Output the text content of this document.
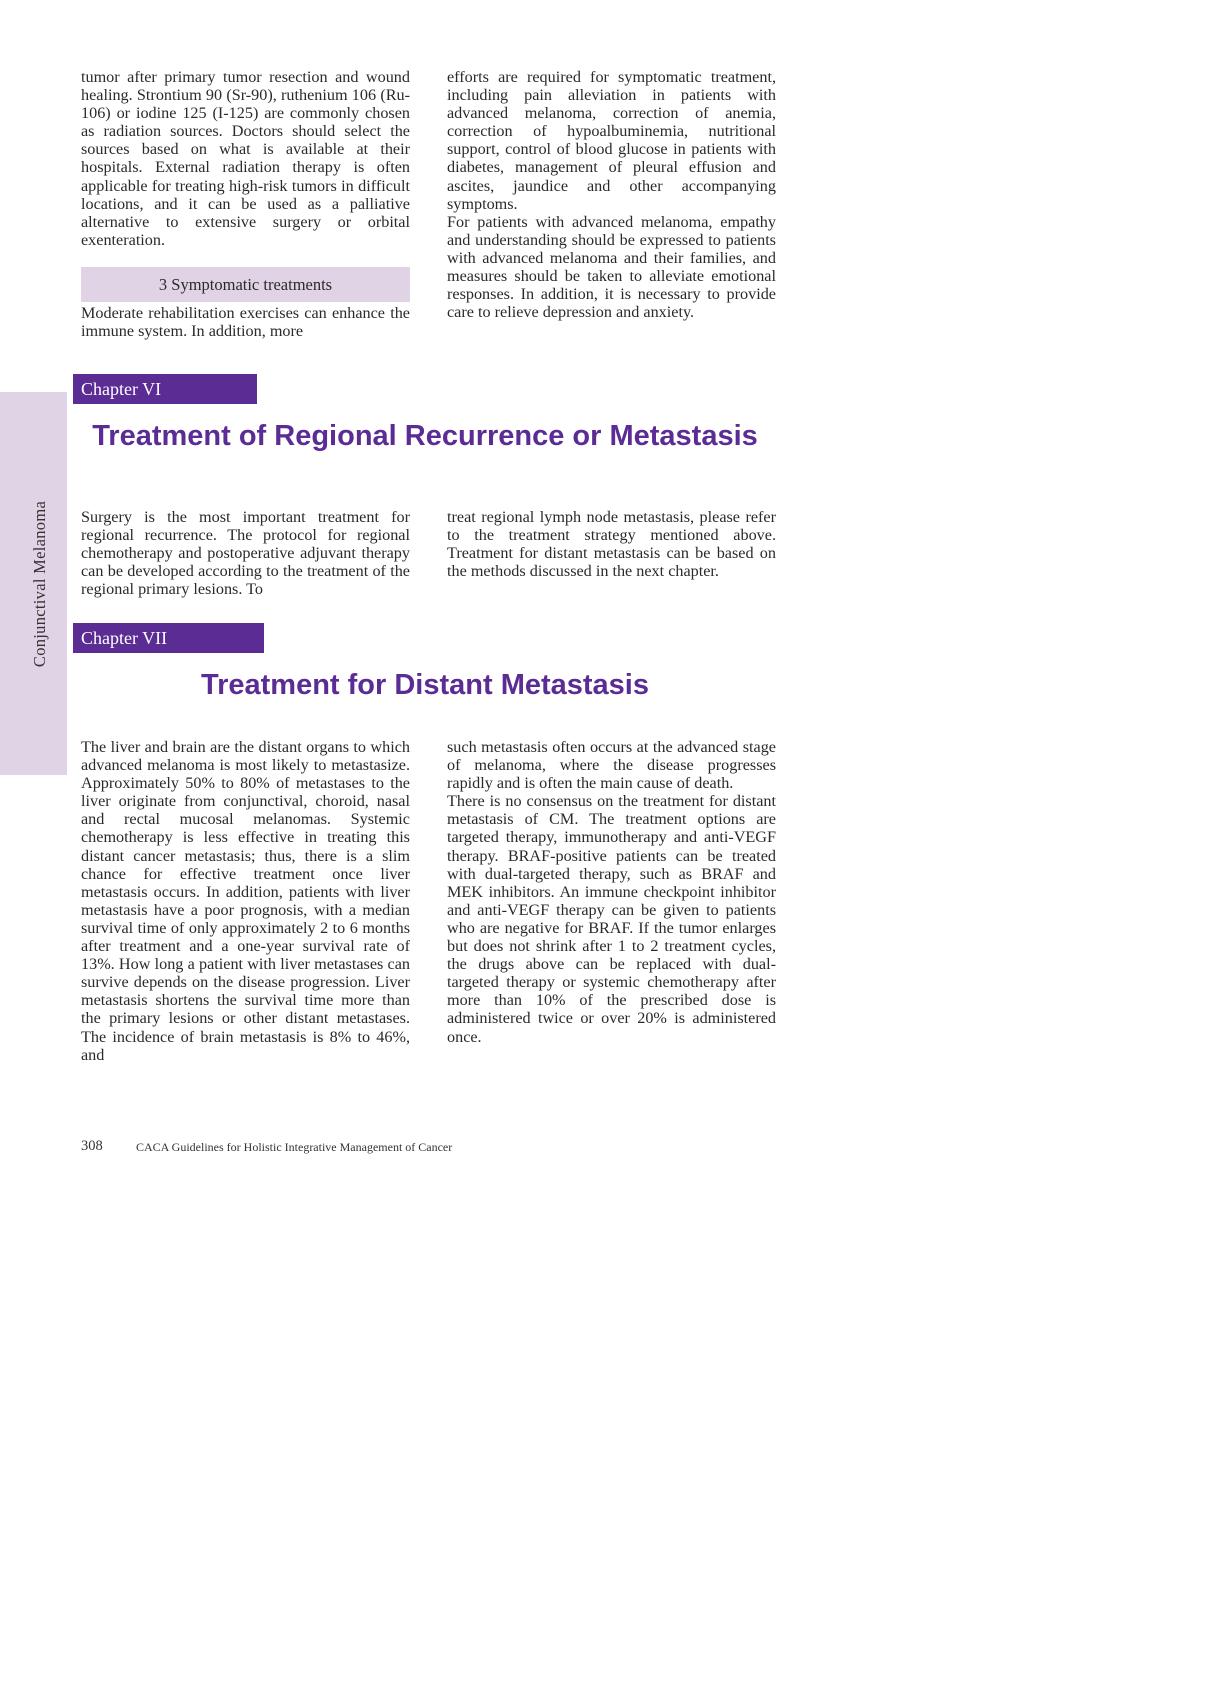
Conjunctival Melanoma

tumor after primary tumor resection and wound healing. Strontium 90 (Sr-90), ruthenium 106 (Ru-106) or iodine 125 (I-125) are commonly chosen as radiation sources. Doctors should select the sources based on what is available at their hospitals. External radiation therapy is often applicable for treating high-risk tumors in difficult locations, and it can be used as a palliative alternative to extensive surgery or orbital exenteration.

3 Symptomatic treatments

Moderate rehabilitation exercises can enhance the immune system. In addition, more

efforts are required for symptomatic treatment, including pain alleviation in patients with advanced melanoma, correction of anemia, correction of hypoalbuminemia, nutritional support, control of blood glucose in patients with diabetes, management of pleural effusion and ascites, jaundice and other accompanying symptoms.

For patients with advanced melanoma, empathy and understanding should be expressed to patients with advanced melanoma and their families, and measures should be taken to alleviate emotional responses. In addition, it is necessary to provide care to relieve depression and anxiety.

Chapter VI
Treatment of Regional Recurrence or Metastasis

Surgery is the most important treatment for regional recurrence. The protocol for regional chemotherapy and postoperative adjuvant therapy can be developed according to the treatment of the regional primary lesions. To

treat regional lymph node metastasis, please refer to the treatment strategy mentioned above. Treatment for distant metastasis can be based on the methods discussed in the next chapter.

Chapter VII
Treatment for Distant Metastasis

The liver and brain are the distant organs to which advanced melanoma is most likely to metastasize. Approximately 50% to 80% of metastases to the liver originate from conjunctival, choroid, nasal and rectal mucosal melanomas. Systemic chemotherapy is less effective in treating this distant cancer metastasis; thus, there is a slim chance for effective treatment once liver metastasis occurs. In addition, patients with liver metastasis have a poor prognosis, with a median survival time of only approximately 2 to 6 months after treatment and a one-year survival rate of 13%. How long a patient with liver metastases can survive depends on the disease progression. Liver metastasis shortens the survival time more than the primary lesions or other distant metastases. The incidence of brain metastasis is 8% to 46%, and

such metastasis often occurs at the advanced stage of melanoma, where the disease progresses rapidly and is often the main cause of death.

There is no consensus on the treatment for distant metastasis of CM. The treatment options are targeted therapy, immunotherapy and anti-VEGF therapy. BRAF-positive patients can be treated with dual-targeted therapy, such as BRAF and MEK inhibitors. An immune checkpoint inhibitor and anti-VEGF therapy can be given to patients who are negative for BRAF. If the tumor enlarges but does not shrink after 1 to 2 treatment cycles, the drugs above can be replaced with dual-targeted therapy or systemic chemotherapy after more than 10% of the prescribed dose is administered twice or over 20% is administered once.

308	CACA Guidelines for Holistic Integrative Management of Cancer
